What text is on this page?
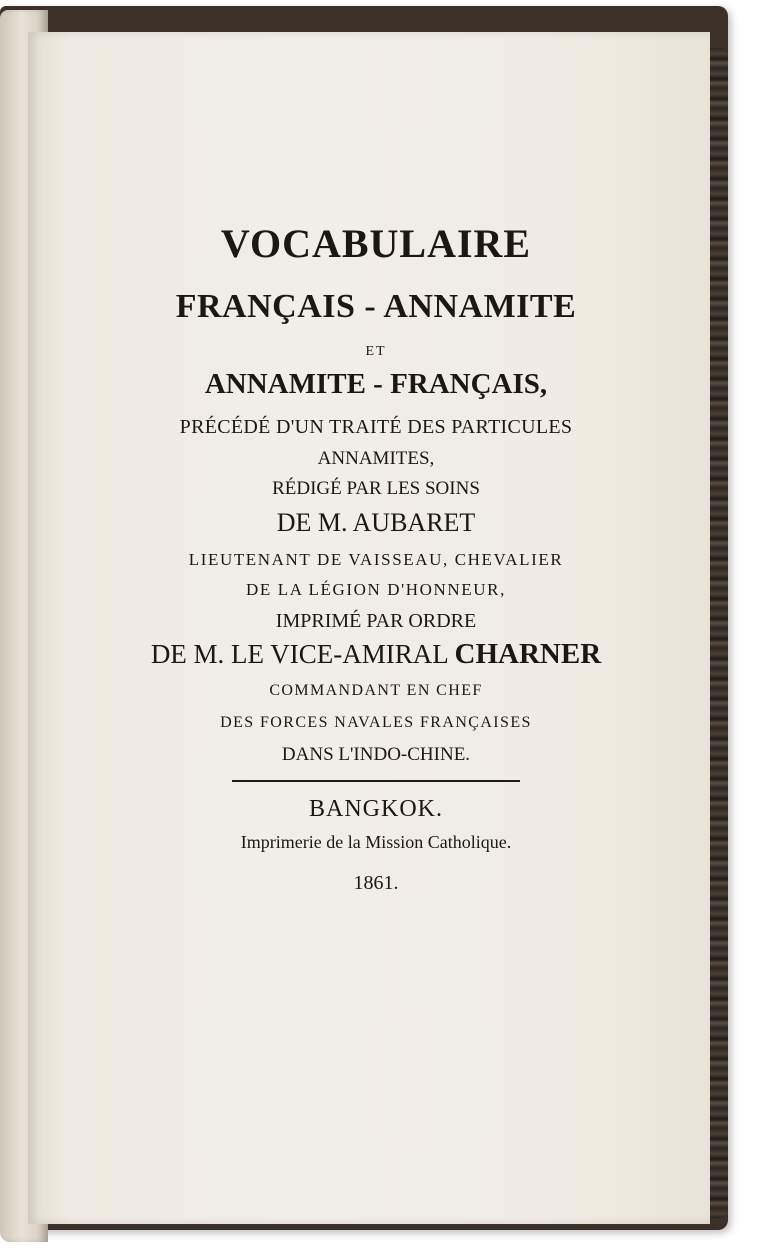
VOCABULAIRE
FRANÇAIS - ANNAMITE
ET
ANNAMITE - FRANÇAIS,
PRÉCÉDÉ D'UN TRAITÉ DES PARTICULES
ANNAMITES,
RÉDIGÉ PAR LES SOINS
DE M. AUBARET
LIEUTENANT DE VAISSEAU, CHEVALIER
DE LA LÉGION D'HONNEUR,
IMPRIMÉ PAR ORDRE
DE M. LE VICE-AMIRAL CHARNER
COMMANDANT EN CHEF
DES FORCES NAVALES FRANÇAISES
DANS L'INDO-CHINE.
BANGKOK.
Imprimerie de la Mission Catholique.
1861.
